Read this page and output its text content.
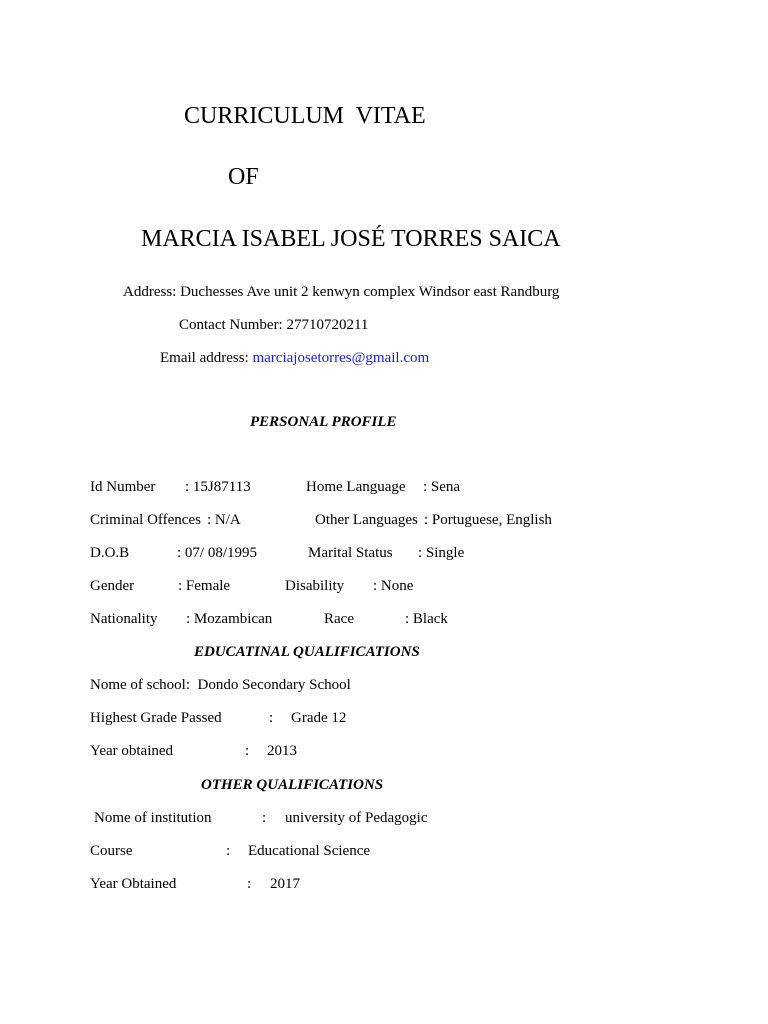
CURRICULUM  VITAE
OF
MARCIA ISABEL JOSÉ TORRES SAICA
Address: Duchesses Ave unit 2 kenwyn complex Windsor east Randburg
Contact Number: 27710720211
Email address: marciajosetorres@gmail.com
PERSONAL PROFILE
Id Number : 15J87113	Home Language : Sena
Criminal Offences : N/A	Other Languages : Portuguese, English
D.O.B	: 07/ 08/1995	Marital Status : Single
Gender	: Female	Disability : None
Nationality : Mozambican	Race	: Black
EDUCATINAL QUALIFICATIONS
Nome of school: Dondo Secondary School
Highest Grade Passed	: Grade 12
Year obtained	: 2013
OTHER QUALIFICATIONS
Nome of institution	: university of Pedagogic
Course	: Educational Science
Year Obtained	: 2017
